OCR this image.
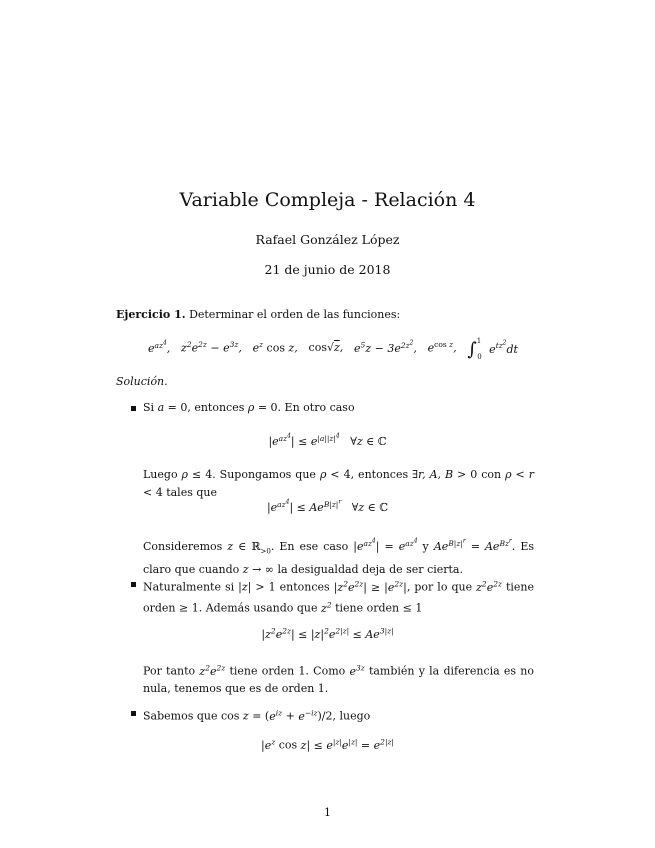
Variable Compleja - Relación 4
Rafael González López
21 de junio de 2018
Ejercicio 1. Determinar el orden de las funciones:
$e^{az^4}$, $z^2e^{2z} - e^{3z}$, $e^z$ cos z, cos√z, $e^5z - 3e^{2z^2}$, $e^{cos z}$, ∫$^1_0$ $e^{tz^2}dt$
Solución.
Si a = 0, entonces ρ = 0. En otro caso
$|e^{az^4}| \le e^{|a||z|^4}$   ∀z ∈ ℂ
Luego ρ ≤ 4. Supongamos que ρ < 4, entonces ∃r, A, B > 0 con ρ < r < 4 tales que
$|e^{az^4}| \le Ae^{B|z|^r}$   ∀z ∈ ℂ
Consideremos z ∈ ℝ$_{>0}$. En ese caso $|e^{az^4}| = e^{az^4}$ y $Ae^{B|z|^r} = Ae^{Bz^r}$. Es claro que cuando z → ∞ la desigualdad deja de ser cierta.
Naturalmente si |z| > 1 entonces $|z^2e^{2z}| \ge |e^{2z}|$, por lo que $z^2e^{2z}$ tiene orden ≥ 1. Además usando que $z^2$ tiene orden ≤ 1
$|z^2e^{2z}| \le |z|^2e^{2|z|} \le Ae^{3|z|}$
Por tanto $z^2e^{2z}$ tiene orden 1. Como $e^{3z}$ también y la diferencia es no nula, tenemos que es de orden 1.
Sabemos que $\cos z = (e^{iz} + e^{-iz})/2$, luego
$|e^z$ $\cos z| \le e^{|z|}e^{|z|} = e^{2|z|}$
1
